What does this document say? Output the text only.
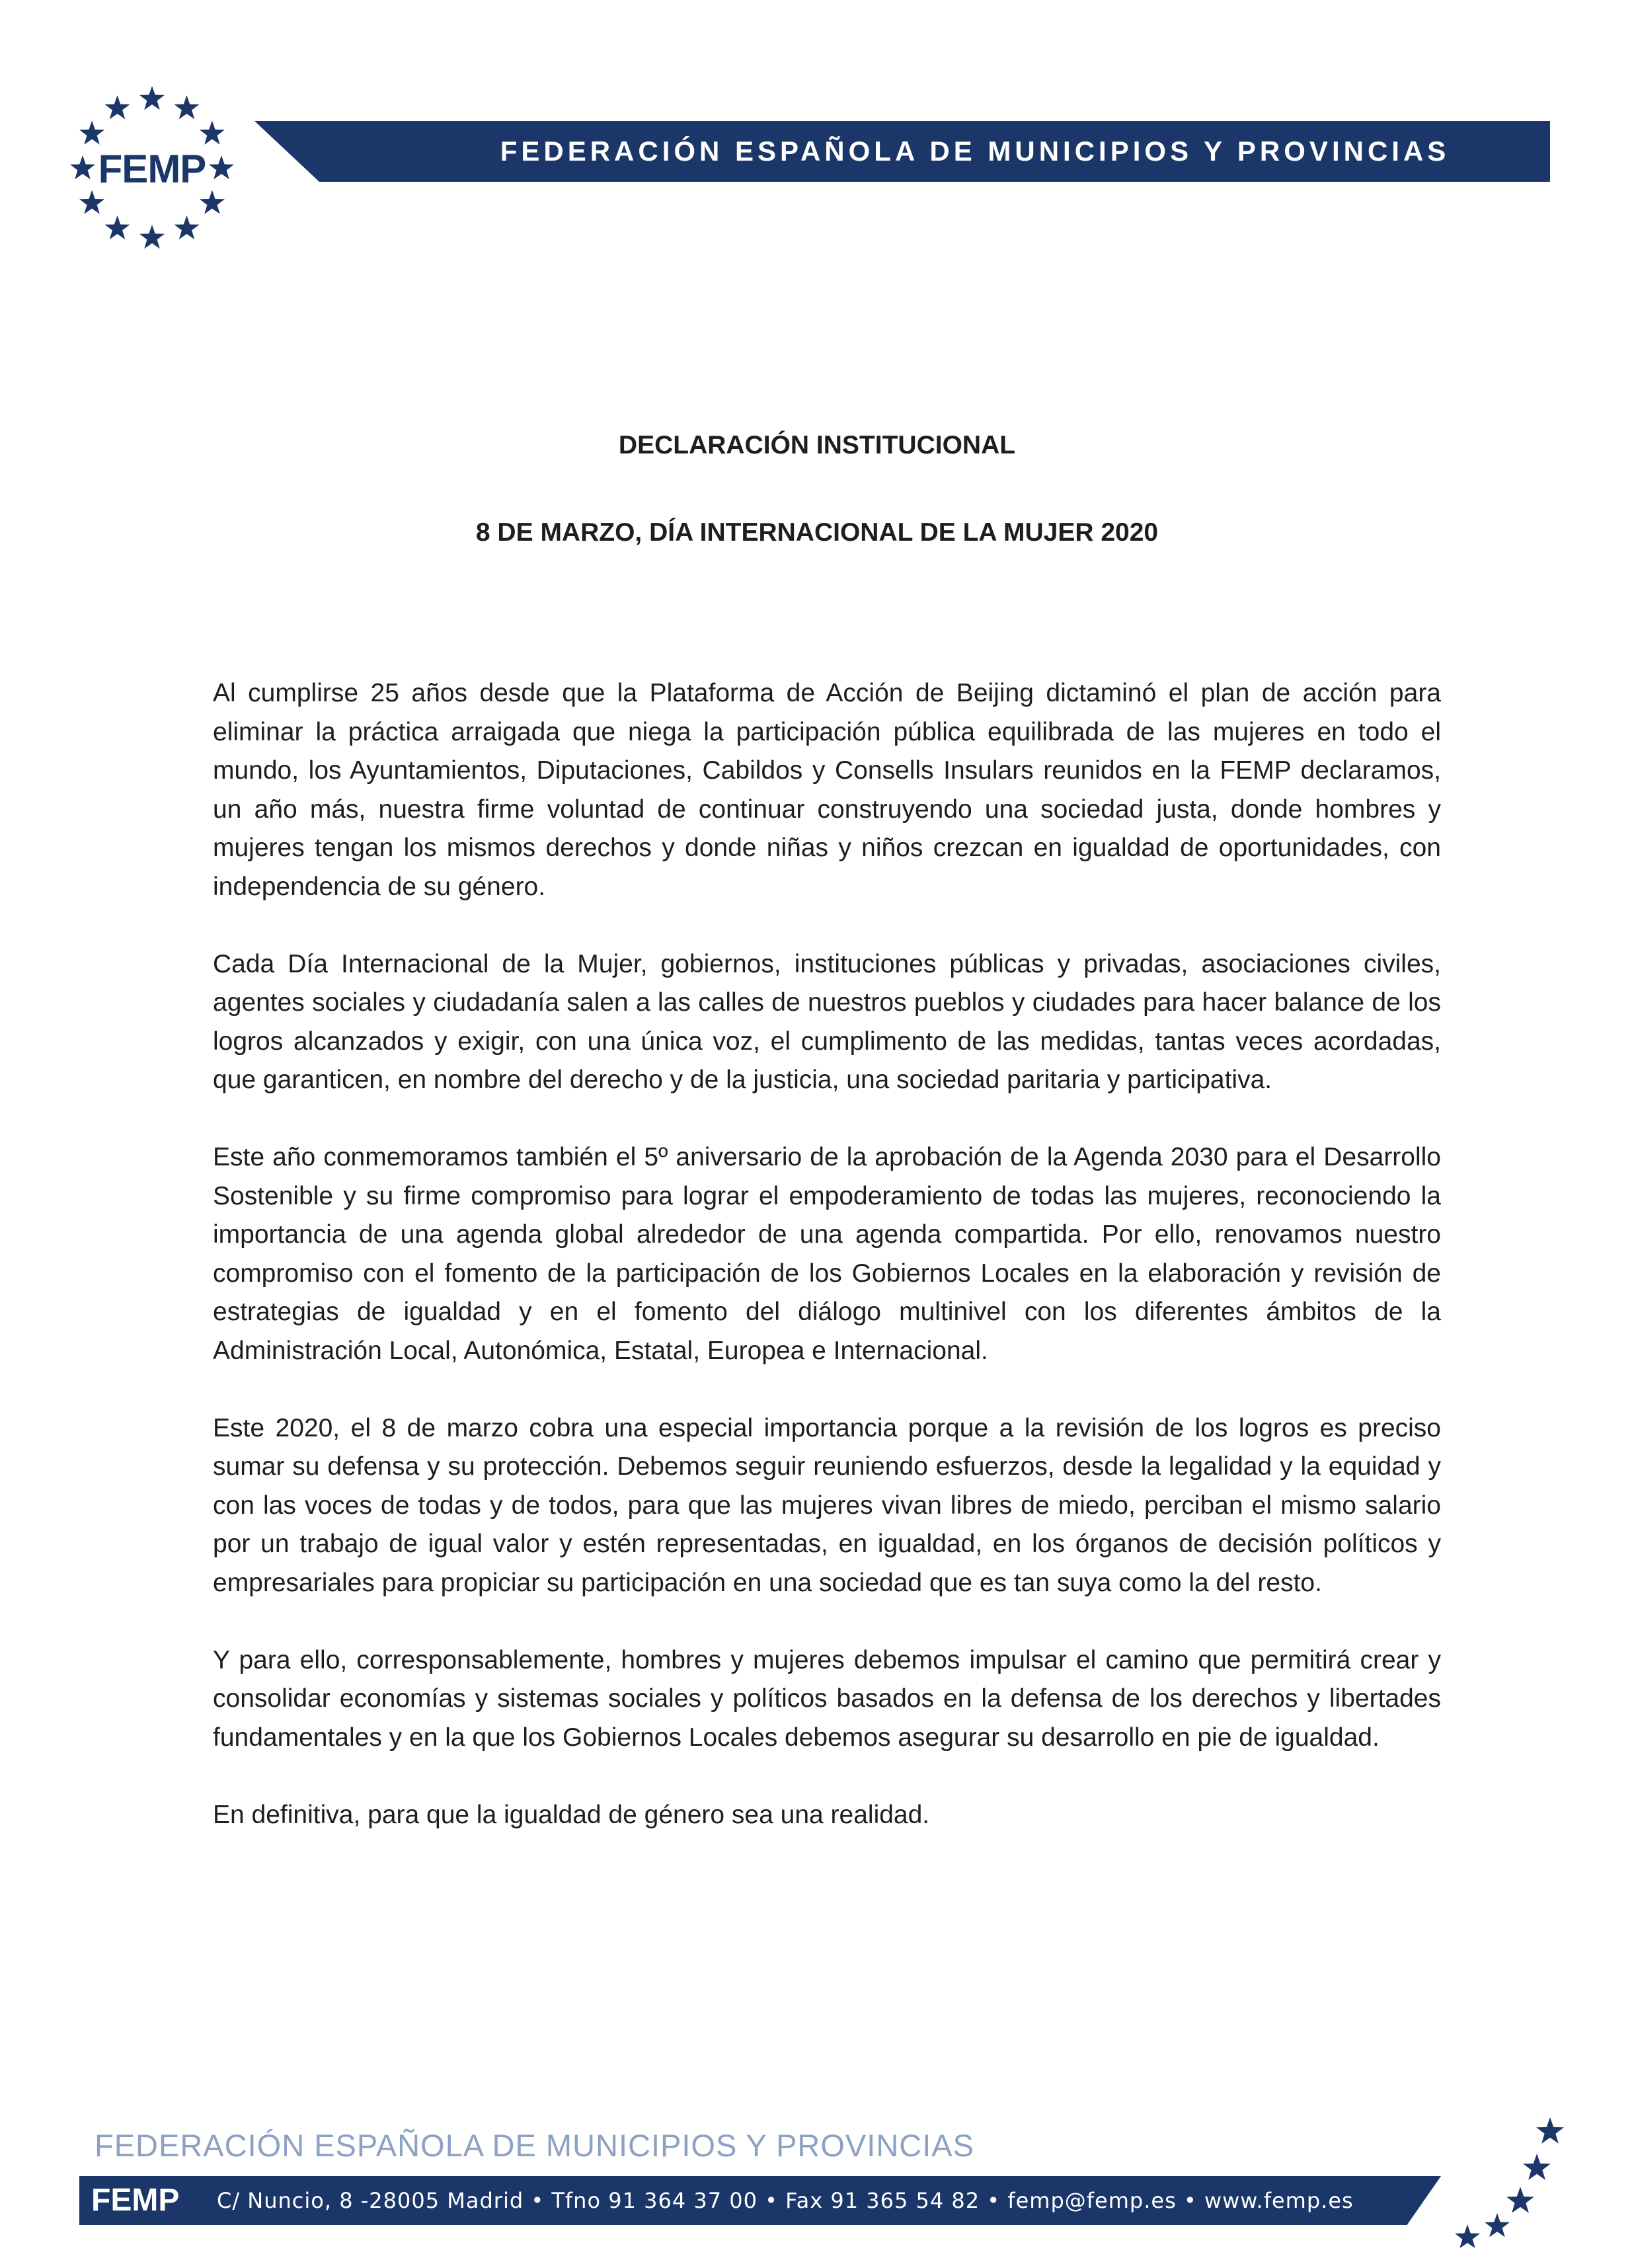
FEMP	FEDERACIÓN ESPAÑOLA DE MUNICIPIOS Y PROVINCIAS
DECLARACIÓN INSTITUCIONAL
8 DE MARZO, DÍA INTERNACIONAL DE LA MUJER 2020

Al cumplirse 25 años desde que la Plataforma de Acción de Beijing dictaminó el plan de acción para eliminar la práctica arraigada que niega la participación pública equilibrada de las mujeres en todo el mundo, los Ayuntamientos, Diputaciones, Cabildos y Consells Insulars reunidos en la FEMP declaramos, un año más, nuestra firme voluntad de continuar construyendo una sociedad justa, donde hombres y mujeres tengan los mismos derechos y donde niñas y niños crezcan en igualdad de oportunidades, con independencia de su género.

Cada Día Internacional de la Mujer, gobiernos, instituciones públicas y privadas, asociaciones civiles, agentes sociales y ciudadanía salen a las calles de nuestros pueblos y ciudades para hacer balance de los logros alcanzados y exigir, con una única voz, el cumplimento de las medidas, tantas veces acordadas, que garanticen, en nombre del derecho y de la justicia, una sociedad paritaria y participativa.

Este año conmemoramos también el 5º aniversario de la aprobación de la Agenda 2030 para el Desarrollo Sostenible y su firme compromiso para lograr el empoderamiento de todas las mujeres, reconociendo la importancia de una agenda global alrededor de una agenda compartida. Por ello, renovamos nuestro compromiso con el fomento de la participación de los Gobiernos Locales en la elaboración y revisión de estrategias de igualdad y en el fomento del diálogo multinivel con los diferentes ámbitos de la Administración Local, Autonómica, Estatal, Europea e Internacional.

Este 2020, el 8 de marzo cobra una especial importancia porque a la revisión de los logros es preciso sumar su defensa y su protección. Debemos seguir reuniendo esfuerzos, desde la legalidad y la equidad y con las voces de todas y de todos, para que las mujeres vivan libres de miedo, perciban el mismo salario por un trabajo de igual valor y estén representadas, en igualdad, en los órganos de decisión políticos y empresariales para propiciar su participación en una sociedad que es tan suya como la del resto.

Y para ello, corresponsablemente, hombres y mujeres debemos impulsar el camino que permitirá crear y consolidar economías y sistemas sociales y políticos basados en la defensa de los derechos y libertades fundamentales y en la que los Gobiernos Locales debemos asegurar su desarrollo en pie de igualdad.

En definitiva, para que la igualdad de género sea una realidad.

FEDERACIÓN ESPAÑOLA DE MUNICIPIOS Y PROVINCIAS
FEMP C/ Nuncio, 8 -28005 Madrid • Tfno 91 364 37 00 • Fax 91 365 54 82 • femp@femp.es • www.femp.es
